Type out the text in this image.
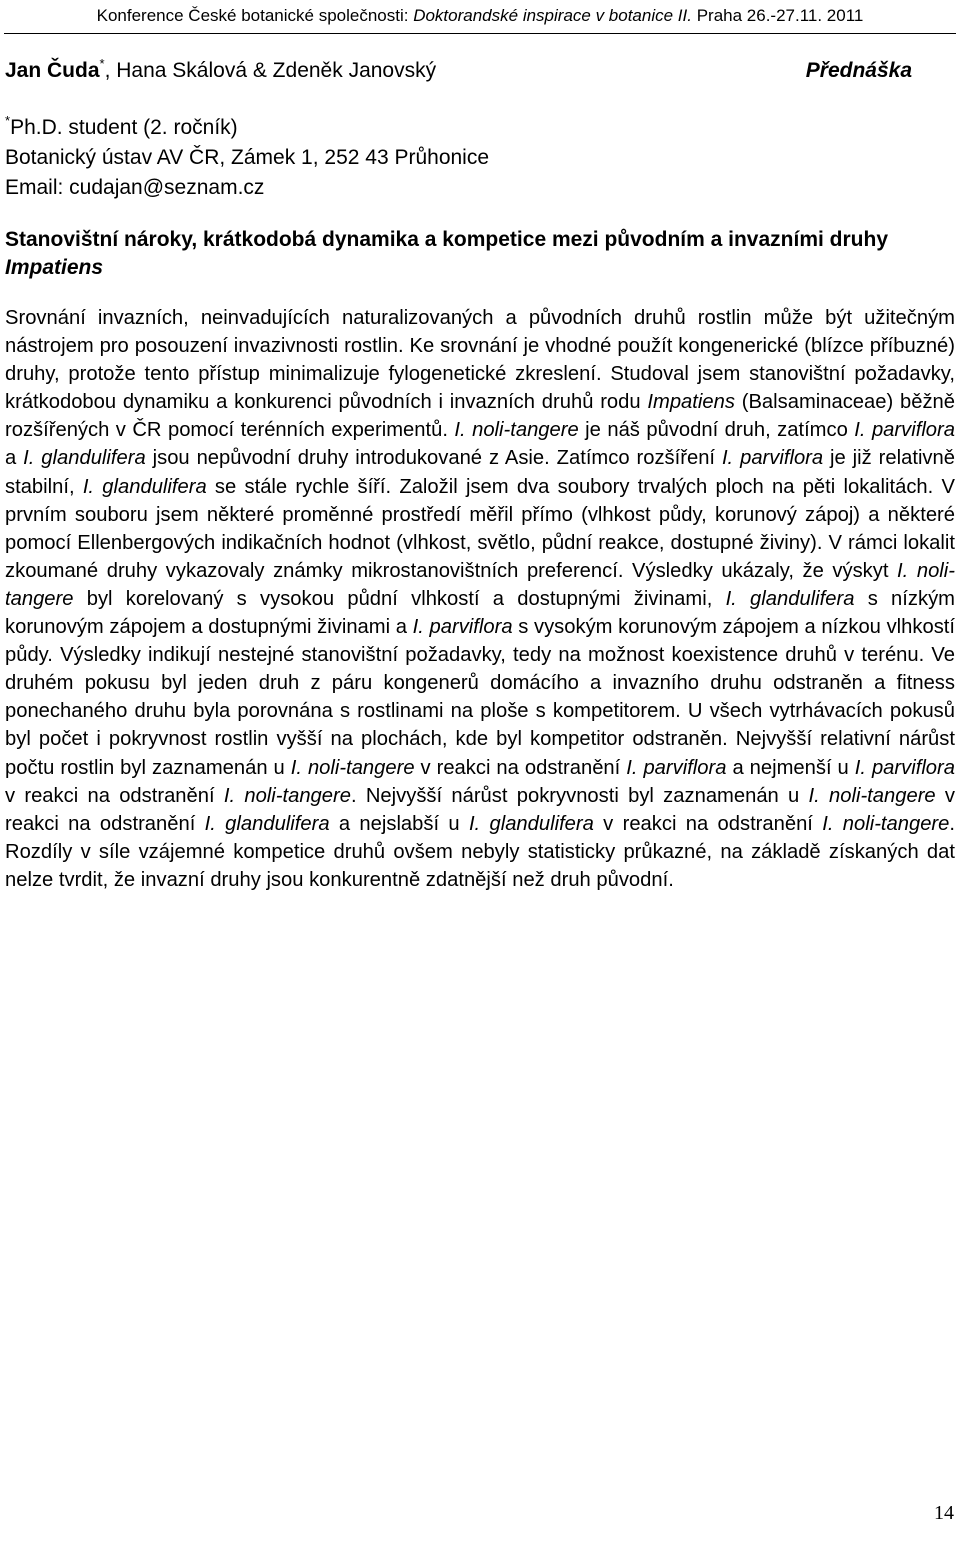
Konference České botanické společnosti: Doktorandské inspirace v botanice II. Praha 26.-27.11. 2011
Jan Čuda*, Hana Skálová & Zdeněk Janovský	Přednáška
*Ph.D. student (2. ročník)
Botanický ústav AV ČR, Zámek 1, 252 43 Průhonice
Email: cudajan@seznam.cz
Stanovištní nároky, krátkodobá dynamika a kompetice mezi původním a invazními druhy Impatiens
Srovnání invazních, neinvadujících naturalizovaných a původních druhů rostlin může být užitečným nástrojem pro posouzení invazivnosti rostlin. Ke srovnání je vhodné použít kongenerické (blízce příbuzné) druhy, protože tento přístup minimalizuje fylogenetické zkreslení. Studoval jsem stanovištní požadavky, krátkodobou dynamiku a konkurenci původních i invazních druhů rodu Impatiens (Balsaminaceae) běžně rozšířených v ČR pomocí terénních experimentů. I. noli-tangere je náš původní druh, zatímco I. parviflora a I. glandulifera jsou nepůvodní druhy introdukované z Asie. Zatímco rozšíření I. parviflora je již relativně stabilní, I. glandulifera se stále rychle šíří. Založil jsem dva soubory trvalých ploch na pěti lokalitách. V prvním souboru jsem některé proměnné prostředí měřil přímo (vlhkost půdy, korunový zápoj) a některé pomocí Ellenbergových indikačních hodnot (vlhkost, světlo, půdní reakce, dostupné živiny). V rámci lokalit zkoumané druhy vykazovaly známky mikrostanovištních preferencí. Výsledky ukázaly, že výskyt I. noli-tangere byl korelovaný s vysokou půdní vlhkostí a dostupnými živinami, I. glandulifera s nízkým korunovým zápojem a dostupnými živinami a I. parviflora s vysokým korunovým zápojem a nízkou vlhkostí půdy. Výsledky indikují nestejné stanovištní požadavky, tedy na možnost koexistence druhů v terénu. Ve druhém pokusu byl jeden druh z páru kongenerů domácího a invazního druhu odstraněn a fitness ponechaného druhu byla porovnána s rostlinami na ploše s kompetitorem. U všech vytrhávacích pokusů byl počet i pokryvnost rostlin vyšší na plochách, kde byl kompetitor odstraněn. Nejvyšší relativní nárůst počtu rostlin byl zaznamenán u I. noli-tangere v reakci na odstranění I. parviflora a nejmenší u I. parviflora v reakci na odstranění I. noli-tangere. Nejvyšší nárůst pokryvnosti byl zaznamenán u I. noli-tangere v reakci na odstranění I. glandulifera a nejslabší u I. glandulifera v reakci na odstranění I. noli-tangere. Rozdíly v síle vzájemné kompetice druhů ovšem nebyly statisticky průkazné, na základě získaných dat nelze tvrdit, že invazní druhy jsou konkurentně zdatnější než druh původní.
14
